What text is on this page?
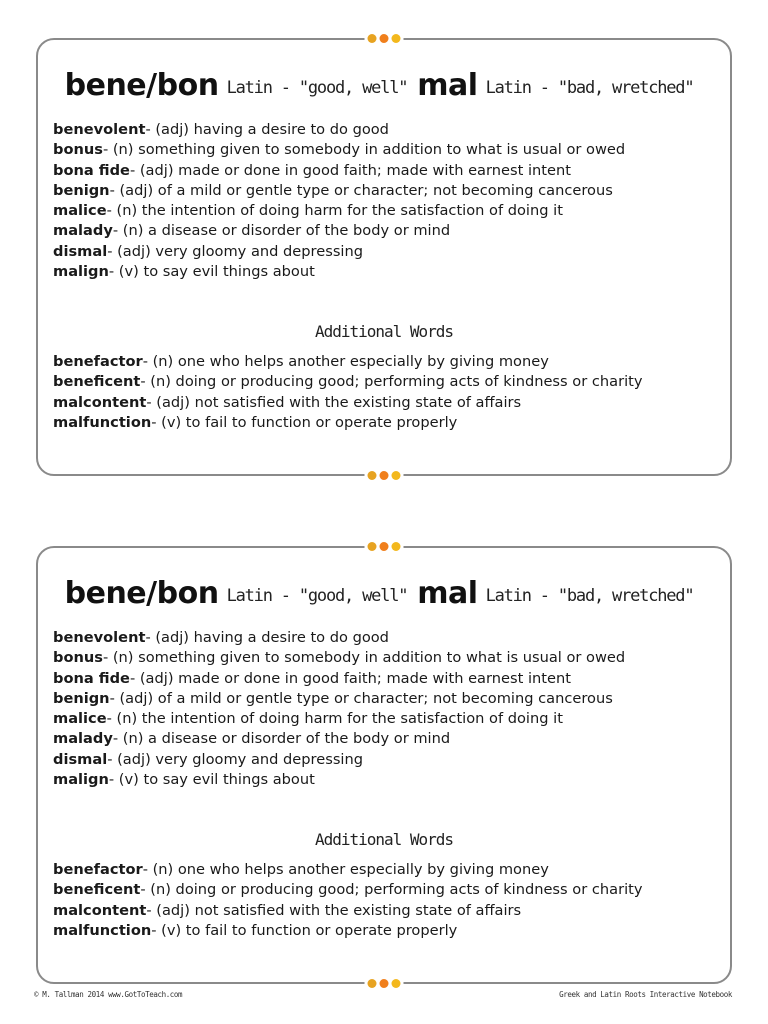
bene/bon Latin - "good, well" mal Latin - "bad, wretched"
benevolent- (adj) having a desire to do good
bonus- (n) something given to somebody in addition to what is usual or owed
bona fide- (adj) made or done in good faith; made with earnest intent
benign- (adj) of a mild or gentle type or character; not becoming cancerous
malice- (n) the intention of doing harm for the satisfaction of doing it
malady- (n) a disease or disorder of the body or mind
dismal- (adj) very gloomy and depressing
malign- (v) to say evil things about
Additional Words
benefactor- (n) one who helps another especially by giving money
beneficent- (n) doing or producing good; performing acts of kindness or charity
malcontent- (adj) not satisfied with the existing state of affairs
malfunction- (v) to fail to function or operate properly
bene/bon Latin - "good, well" mal Latin - "bad, wretched"
benevolent- (adj) having a desire to do good
bonus- (n) something given to somebody in addition to what is usual or owed
bona fide- (adj) made or done in good faith; made with earnest intent
benign- (adj) of a mild or gentle type or character; not becoming cancerous
malice- (n) the intention of doing harm for the satisfaction of doing it
malady- (n) a disease or disorder of the body or mind
dismal- (adj) very gloomy and depressing
malign- (v) to say evil things about
Additional Words
benefactor- (n) one who helps another especially by giving money
beneficent- (n) doing or producing good; performing acts of kindness or charity
malcontent- (adj) not satisfied with the existing state of affairs
malfunction- (v) to fail to function or operate properly
© M. Tallman 2014 www.GotToTeach.com	Greek and Latin Roots Interactive Notebook
